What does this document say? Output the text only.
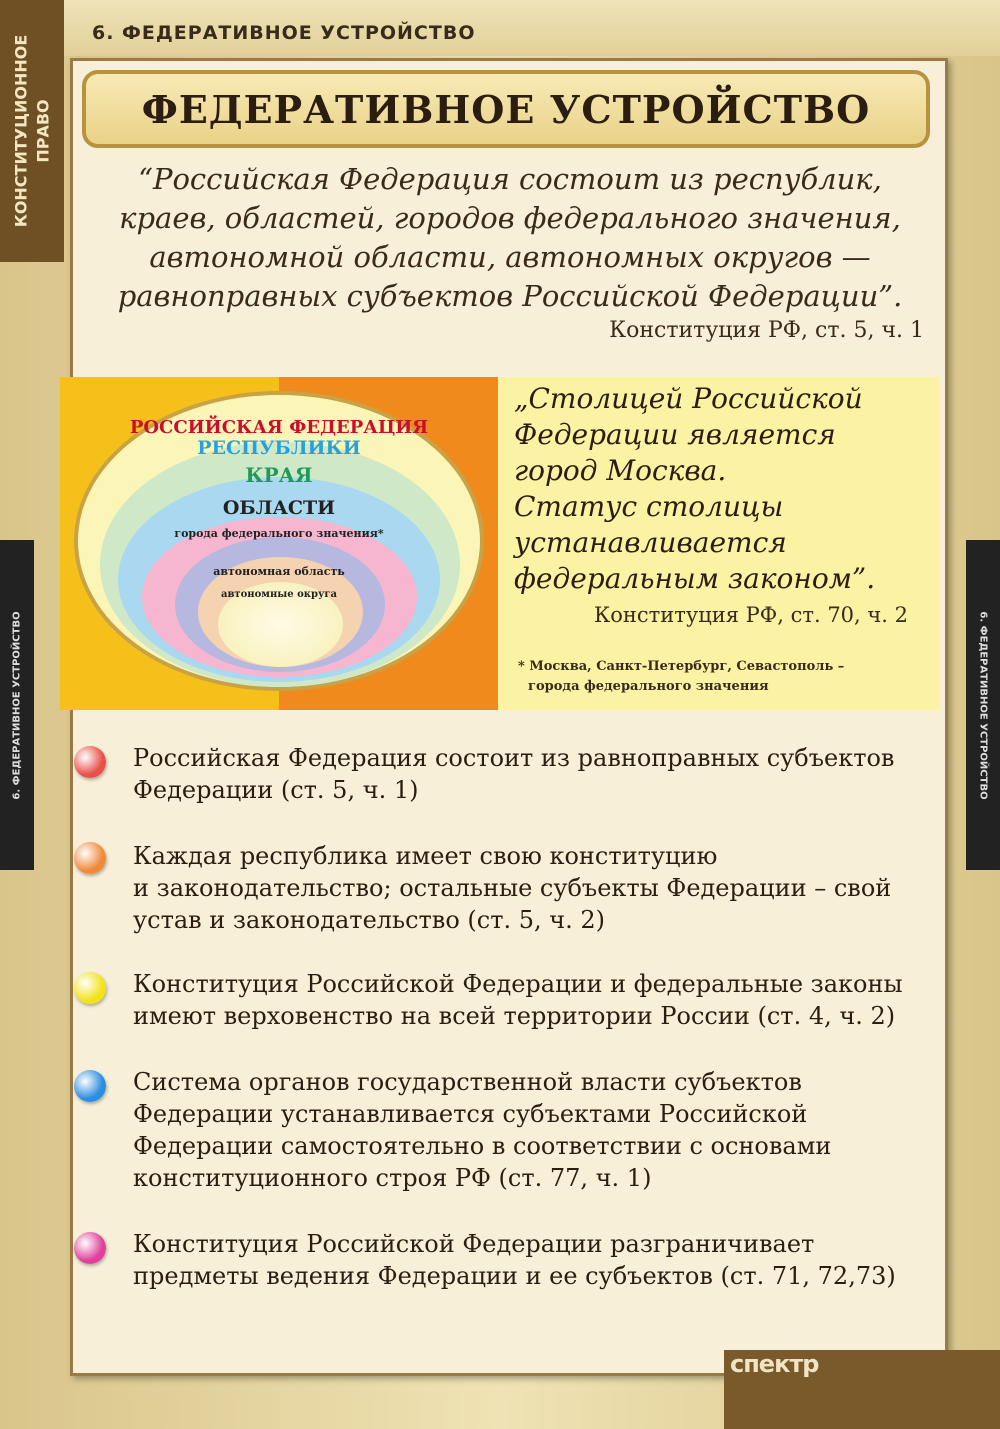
6. ФЕДЕРАТИВНОЕ УСТРОЙСТВО
КОНСТИТУЦИОННОЕ ПРАВО
6. ФЕДЕРАТИВНОЕ УСТРОЙСТВО	6. ФЕДЕРАТИВНОЕ УСТРОЙСТВО
ФЕДЕРАТИВНОЕ УСТРОЙСТВО
“Российская Федерация состоит из республик,
краев, областей, городов федерального значения,
автономной области, автономных округов —
равноправных субъектов Российской Федерации”.
Конституция РФ, ст. 5, ч. 1
РОССИЙСКАЯ ФЕДЕРАЦИЯ
РЕСПУБЛИКИ
КРАЯ
ОБЛАСТИ
города федерального значения*
автономная область
автономные округа
„Столицей Российской
Федерации является
город Москва.
Статус столицы
устанавливается
федеральным законом”.
Конституция РФ, ст. 70, ч. 2
* Москва, Санкт-Петербург, Севастополь –
города федерального значения
Российская Федерация состоит из равноправных субъектов
Федерации (ст. 5, ч. 1)
Каждая республика имеет свою конституцию
и законодательство; остальные субъекты Федерации – свой
устав и законодательство (ст. 5, ч. 2)
Конституция Российской Федерации и федеральные законы
имеют верховенство на всей территории России (ст. 4, ч. 2)
Система органов государственной власти субъектов
Федерации устанавливается субъектами Российской
Федерации самостоятельно в соответствии с основами
конституционного строя РФ (ст. 77, ч. 1)
Конституция Российской Федерации разграничивает
предметы ведения Федерации и ее субъектов (ст. 71, 72,73)
спектр
